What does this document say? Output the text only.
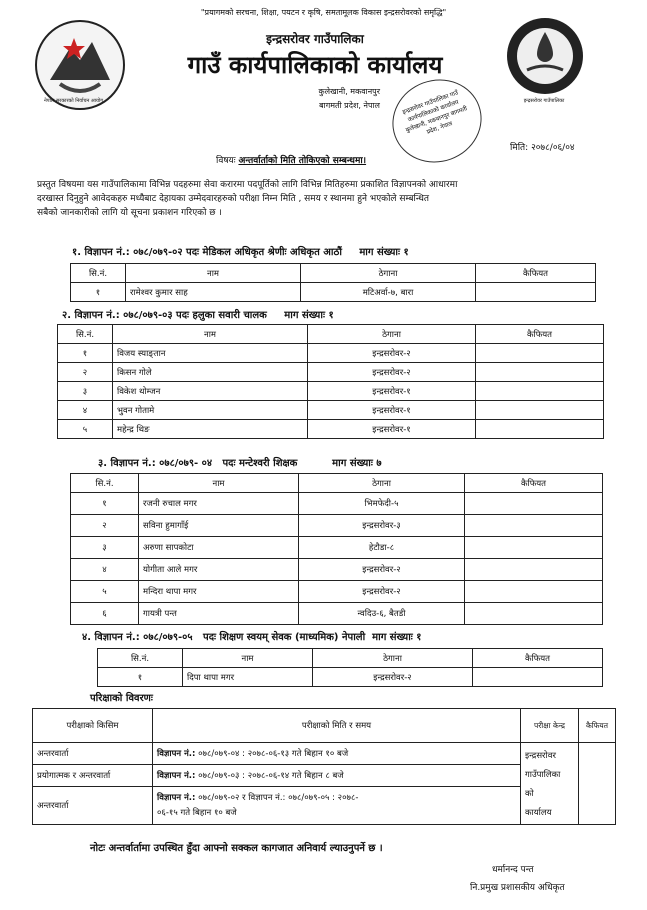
"प्रयागमको सरचना, शिक्षा, पयटन र कृषि, समतामूलक विकास इन्द्रसरोवरको समृद्धि"
नेपाल सरकारको निर्वाचन आयोग
इन्द्रसरोवर गाउँपालिका
गाउँ कार्यपालिकाको कार्यालय
कुलेखानी, मकवानपुर
बागमती प्रदेश, नेपाल	इन्द्रसरोवर गाउँपालिका गाउँ कार्यपालिकाको कार्यालय कुलेखानी, मकवानपुर बागमती प्रदेश, नेपाल
इन्द्रसरोवर गाउँपालिका
मिति: २०७८/०६/०४
विषयः अन्तर्वार्ताको मिति तोकिएको सम्बन्धमा।
प्रस्तुत विषयमा यस गाउँपालिकामा विभिन्न पदहरुमा सेवा करारमा पदपूर्तिको लागि विभिन्न मितिहरुमा प्रकाशित विज्ञापनको आधारमा
दरखास्त दिनुहुने आवेदकहरु मध्यैबाट देहायका उम्मेदवारहरुको परीक्षा निम्न मिति , समय र स्थानमा हुने भएकोले सम्बन्धित
सबैको जानकारीको लागि यो सूचना प्रकाशन गरिएको छ ।
१. विज्ञापन नं.: ०७८/०७९-०२ पदः मेडिकल अधिकृत श्रेणीः अधिकृत आठौं     माग संख्याः १
सि.नं.	नाम	ठेगाना	कैफियत
१	रामेश्वर कुमार साह	मटिअर्वा-७, बारा	
२. विज्ञापन नं.: ०७८/०७९-०३ पदः हलुका सवारी चालक     माग संख्याः १
सि.नं.	नाम	ठेगाना	कैफियत
१	विजय स्याङ्तान	इन्द्रसरोवर-२	
२	किसन गोले	इन्द्रसरोवर-२	
३	विकेश थोम्जन	इन्द्रसरोवर-१	
४	भुवन गोतामे	इन्द्रसरोवर-१	
५	महेन्द्र थिङ	इन्द्रसरोवर-१	
३. विज्ञापन नं.: ०७८/०७९- ०४   पदः मन्टेश्वरी शिक्षक          माग संख्याः ७
सि.नं.	नाम	ठेगाना	कैफियत
१	रजनी रुचाल मगर	भिमफेदी-५	
२	सविना हुमागाँई	इन्द्रसरोवर-३	
३	अरुणा सापकोटा	हेटौडा-८	
४	योगीता आले मगर	इन्द्रसरोवर-२	
५	मन्दिरा थापा मगर	इन्द्रसरोवर-२	
६	गायत्री पन्त	न्वदिउ-६, बैतडी	
४. विज्ञापन नं.: ०७८/०७९-०५   पदः शिक्षण स्वयम् सेवक (माध्यमिक) नेपाली  माग संख्याः १
सि.नं.	नाम	ठेगाना	कैफियत
१	दिपा थापा मगर	इन्द्रसरोवर-२	
परिक्षाको विवरणः
परीक्षाको किसिम	परीक्षाको मिति र समय	परीक्षा केन्द्र	कैफियत
अन्तरवार्ता	विज्ञापन नं.: ०७८/०७९-०४ : २०७८-०६-१३ गते बिहान १० बजे	इन्द्रसरोवर
गाउँपालिका
को
कार्यालय	

प्रयोगात्मक र अन्तरवार्ता	विज्ञापन नं.: ०७८/०७९-०३ : २०७८-०६-१४ गते बिहान ८ बजे		
अन्तरवार्ता	विज्ञापन नं.: ०७८/०७९-०२ र विज्ञापन नं.: ०७८/०७९-०५ : २०७८-
०६-१५ गते बिहान १० बजे		
नोटः अन्तर्वार्तामा उपस्थित हुँदा आफ्नो सक्कल कागजात अनिवार्य ल्याउनुपर्ने छ ।
धर्मानन्द पन्त
नि.प्रमुख प्रशासकीय अधिकृत
